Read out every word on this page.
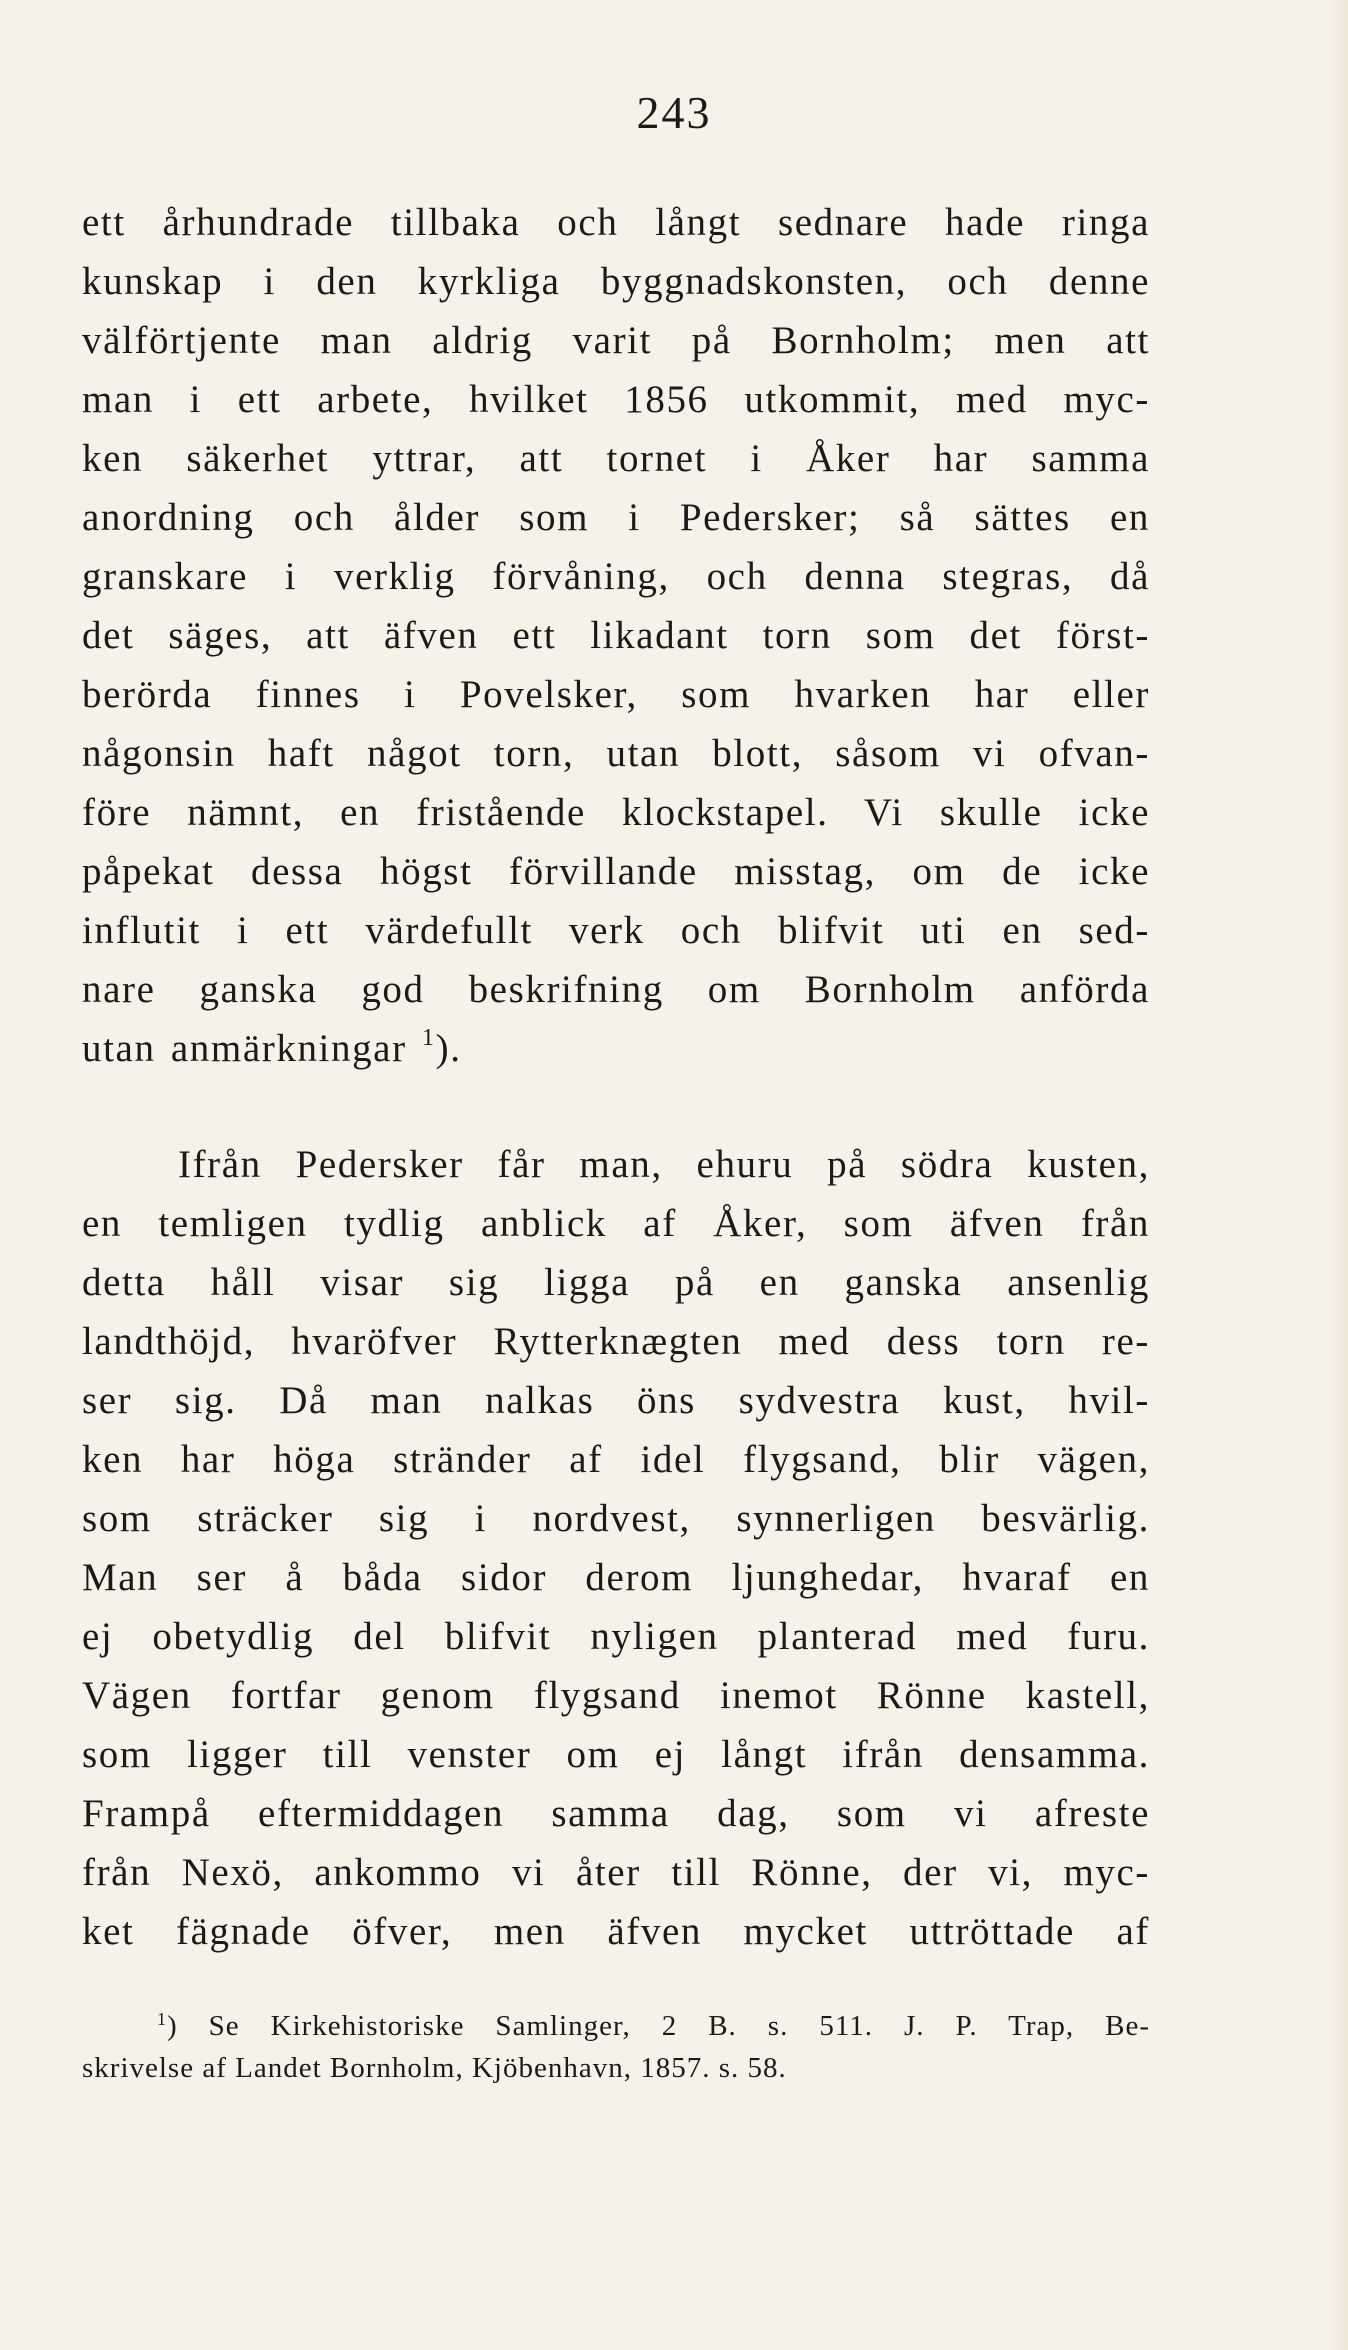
243
ett århundrade tillbaka och långt sednare hade ringa
kunskap i den kyrkliga byggnadskonsten, och denne
välförtjente man aldrig varit på Bornholm; men att
man i ett arbete, hvilket 1856 utkommit, med myc-
ken säkerhet yttrar, att tornet i Åker har samma
anordning och ålder som i Pedersker; så sättes en
granskare i verklig förvåning, och denna stegras, då
det säges, att äfven ett likadant torn som det först-
berörda finnes i Povelsker, som hvarken har eller
någonsin haft något torn, utan blott, såsom vi ofvan-
före nämnt, en fristående klockstapel. Vi skulle icke
påpekat dessa högst förvillande misstag, om de icke
influtit i ett värdefullt verk och blifvit uti en sed-
nare ganska god beskrifning om Bornholm anförda
utan anmärkningar $^1$).
Ifrån Pedersker får man, ehuru på södra kusten,
en temligen tydlig anblick af Åker, som äfven från
detta håll visar sig ligga på en ganska ansenlig
landthöjd, hvaröfver Rytterknægten med dess torn re-
ser sig. Då man nalkas öns sydvestra kust, hvil-
ken har höga stränder af idel flygsand, blir vägen,
som sträcker sig i nordvest, synnerligen besvärlig.
Man ser å båda sidor derom ljunghedar, hvaraf en
ej obetydlig del blifvit nyligen planterad med furu.
Vägen fortfar genom flygsand inemot Rönne kastell,
som ligger till venster om ej långt ifrån densamma.
Frampå eftermiddagen samma dag, som vi afreste
från Nexö, ankommo vi åter till Rönne, der vi, myc-
ket fägnade öfver, men äfven mycket uttröttade af
$^1$) Se Kirkehistoriske Samlinger, 2 B. s. 511. J. P. Trap, Be-
skrivelse af Landet Bornholm, Kjöbenhavn, 1857. s. 58.
